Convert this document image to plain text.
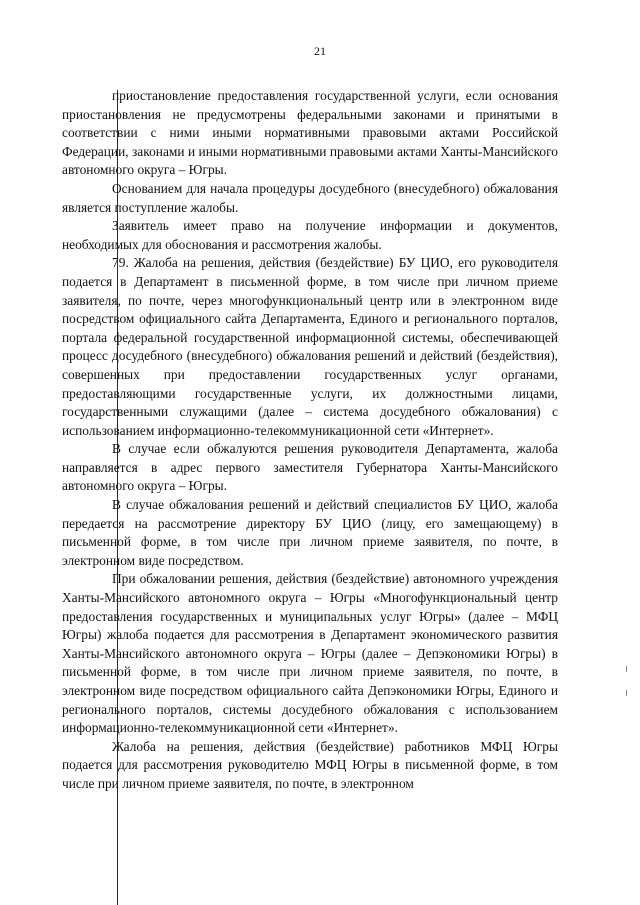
21

приостановление предоставления государственной услуги, если основания приостановления не предусмотрены федеральными законами и принятыми в соответствии с ними иными нормативными правовыми актами Российской Федерации, законами и иными нормативными правовыми актами Ханты-Мансийского автономного округа – Югры.

Основанием для начала процедуры досудебного (внесудебного) обжалования является поступление жалобы.

Заявитель имеет право на получение информации и документов, необходимых для обоснования и рассмотрения жалобы.

79. Жалоба на решения, действия (бездействие) БУ ЦИО, его руководителя подается в Департамент в письменной форме, в том числе при личном приеме заявителя, по почте, через многофункциональный центр или в электронном виде посредством официального сайта Департамента, Единого и регионального порталов, портала федеральной государственной информационной системы, обеспечивающей процесс досудебного (внесудебного) обжалования решений и действий (бездействия), совершенных при предоставлении государственных услуг органами, предоставляющими государственные услуги, их должностными лицами, государственными служащими (далее – система досудебного обжалования) с использованием информационно-телекоммуникационной сети «Интернет».

В случае если обжалуются решения руководителя Департамента, жалоба направляется в адрес первого заместителя Губернатора Ханты-Мансийского автономного округа – Югры.

В случае обжалования решений и действий специалистов БУ ЦИО, жалоба передается на рассмотрение директору БУ ЦИО (лицу, его замещающему) в письменной форме, в том числе при личном приеме заявителя, по почте, в электронном виде посредством.

При обжаловании решения, действия (бездействие) автономного учреждения Ханты-Мансийского автономного округа – Югры «Многофункциональный центр предоставления государственных и муниципальных услуг Югры» (далее – МФЦ Югры) жалоба подается для рассмотрения в Департамент экономического развития Ханты-Мансийского автономного округа – Югры (далее – Депэкономики Югры) в письменной форме, в том числе при личном приеме заявителя, по почте, в электронном виде посредством официального сайта Депэкономики Югры, Единого и регионального порталов, системы досудебного обжалования с использованием информационно-телекоммуникационной сети «Интернет».

Жалоба на решения, действия (бездействие) работников МФЦ Югры подается для рассмотрения руководителю МФЦ Югры в письменной форме, в том числе при личном приеме заявителя, по почте, в электронном
